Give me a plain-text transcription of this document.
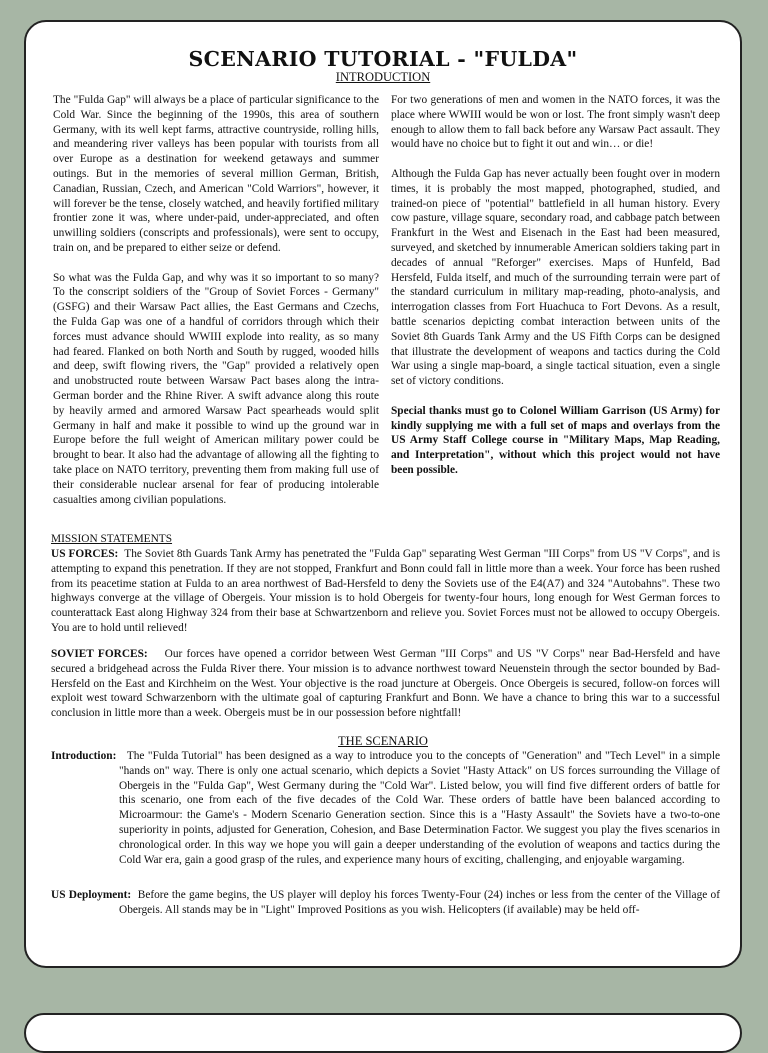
SCENARIO TUTORIAL - "FULDA"
INTRODUCTION

The "Fulda Gap" will always be a place of particular significance to the Cold War. Since the beginning of the 1990s, this area of southern Germany, with its well kept farms, attractive countryside, rolling hills, and meandering river valleys has been popular with tourists from all over Europe as a destination for weekend getaways and summer outings. But in the memories of several million German, British, Canadian, Russian, Czech, and American "Cold Warriors", however, it will forever be the tense, closely watched, and heavily fortified military frontier zone it was, where under-paid, under-appreciated, and often unwilling soldiers (conscripts and professionals), were sent to occupy, train on, and be prepared to either seize or defend.

So what was the Fulda Gap, and why was it so important to so many? To the conscript soldiers of the "Group of Soviet Forces - Germany" (GSFG) and their Warsaw Pact allies, the East Germans and Czechs, the Fulda Gap was one of a handful of corridors through which their forces must advance should WWIII explode into reality, as so many had feared. Flanked on both North and South by rugged, wooded hills and deep, swift flowing rivers, the "Gap" provided a relatively open and unobstructed route between Warsaw Pact bases along the intra-German border and the Rhine River. A swift advance along this route by heavily armed and armored Warsaw Pact spearheads would split Germany in half and make it possible to wind up the ground war in Europe before the full weight of American military power could be brought to bear. It also had the advantage of allowing all the fighting to take place on NATO territory, preventing them from making full use of their considerable nuclear arsenal for fear of producing intolerable casualties among civilian populations.

For two generations of men and women in the NATO forces, it was the place where WWIII would be won or lost. The front simply wasn't deep enough to allow them to fall back before any Warsaw Pact assault. They would have no choice but to fight it out and win… or die!

Although the Fulda Gap has never actually been fought over in modern times, it is probably the most mapped, photographed, studied, and trained-on piece of "potential" battlefield in all human history. Every cow pasture, village square, secondary road, and cabbage patch between Frankfurt in the West and Eisenach in the East had been measured, surveyed, and sketched by innumerable American soldiers taking part in decades of annual "Reforger" exercises. Maps of Hunfeld, Bad Hersfeld, Fulda itself, and much of the surrounding terrain were part of the standard curriculum in military map-reading, photo-analysis, and interrogation classes from Fort Huachuca to Fort Devons. As a result, battle scenarios depicting combat interaction between units of the Soviet 8th Guards Tank Army and the US Fifth Corps can be designed that illustrate the development of weapons and tactics during the Cold War using a single map-board, a single tactical situation, even a single set of victory conditions.

Special thanks must go to Colonel William Garrison (US Army) for kindly supplying me with a full set of maps and overlays from the US Army Staff College course in "Military Maps, Map Reading, and Interpretation", without which this project would not have been possible.

MISSION STATEMENTS
US FORCES: The Soviet 8th Guards Tank Army has penetrated the "Fulda Gap" separating West German "III Corps" from US "V Corps", and is attempting to expand this penetration. If they are not stopped, Frankfurt and Bonn could fall in little more than a week. Your force has been rushed from its peacetime station at Fulda to an area northwest of Bad-Hersfeld to deny the Soviets use of the E4(A7) and 324 "Autobahns". These two highways converge at the village of Obergeis. Your mission is to hold Obergeis for twenty-four hours, long enough for West German forces to counterattack East along Highway 324 from their base at Schwartzenborn and relieve you. Soviet Forces must not be allowed to occupy Obergeis. You are to hold until relieved!
SOVIET FORCES: Our forces have opened a corridor between West German "III Corps" and US "V Corps" near Bad-Hersfeld and have secured a bridgehead across the Fulda River there. Your mission is to advance northwest toward Neuenstein through the sector bounded by Bad-Hersfeld on the East and Kirchheim on the West. Your objective is the road juncture at Obergeis. Once Obergeis is secured, follow-on forces will exploit west toward Schwarzenborn with the ultimate goal of capturing Frankfurt and Bonn. We have a chance to bring this war to a successful conclusion in little more than a week. Obergeis must be in our possession before nightfall!
THE SCENARIO
Introduction: The "Fulda Tutorial" has been designed as a way to introduce you to the concepts of "Generation" and "Tech Level" in a simple "hands on" way. There is only one actual scenario, which depicts a Soviet "Hasty Attack" on US forces surrounding the Village of Obergeis in the "Fulda Gap", West Germany during the "Cold War". Listed below, you will find five different orders of battle for this scenario, one from each of the five decades of the Cold War. These orders of battle have been balanced according to Microarmour: the Game's - Modern Scenario Generation section. Since this is a "Hasty Assault" the Soviets have a two-to-one superiority in points, adjusted for Generation, Cohesion, and Base Determination Factor. We suggest you play the fives scenarios in chronological order. In this way we hope you will gain a deeper understanding of the evolution of weapons and tactics during the Cold War era, gain a good grasp of the rules, and experience many hours of exciting, challenging, and enjoyable wargaming.
US Deployment: Before the game begins, the US player will deploy his forces Twenty-Four (24) inches or less from the center of the Village of Obergeis. All stands may be in "Light" Improved Positions as you wish. Helicopters (if available) may be held off-
